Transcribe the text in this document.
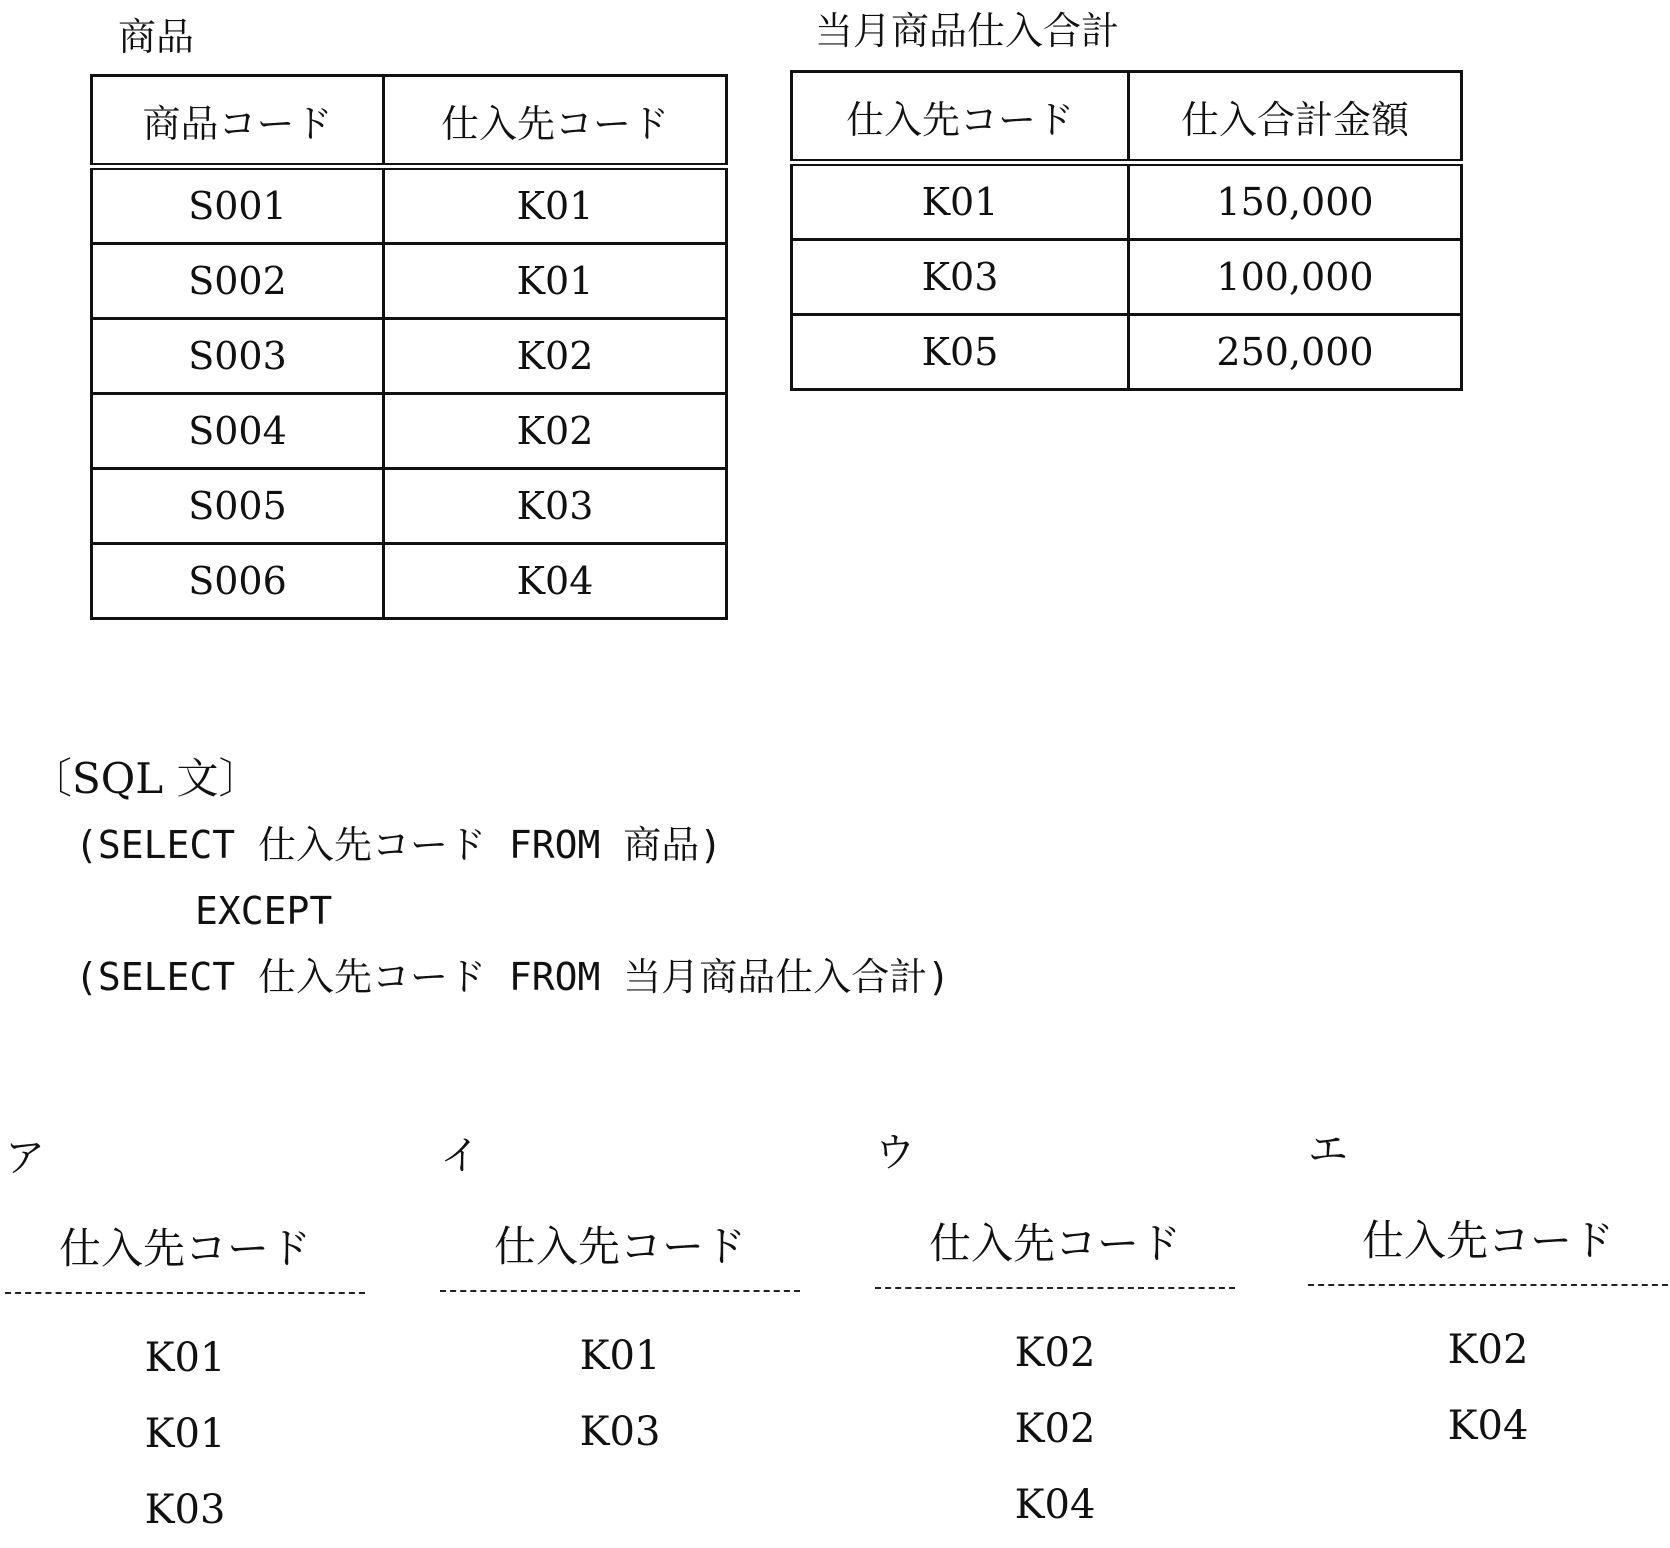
商品
商品コード	仕入先コード
S001	K01
S002	K01
S003	K02
S004	K02
S005	K03
S006	K04
当月商品仕入合計
仕入先コード	仕入合計金額
K01	150,000
K03	100,000
K05	250,000
〔SQL 文〕
(SELECT 仕入先コード FROM 商品)
EXCEPT
(SELECT 仕入先コード FROM 当月商品仕入合計)
ア
仕入先コード
K01
K01
K03
イ
仕入先コード
K01
K03
ウ
仕入先コード
K02
K02
K04
エ
仕入先コード
K02
K04
